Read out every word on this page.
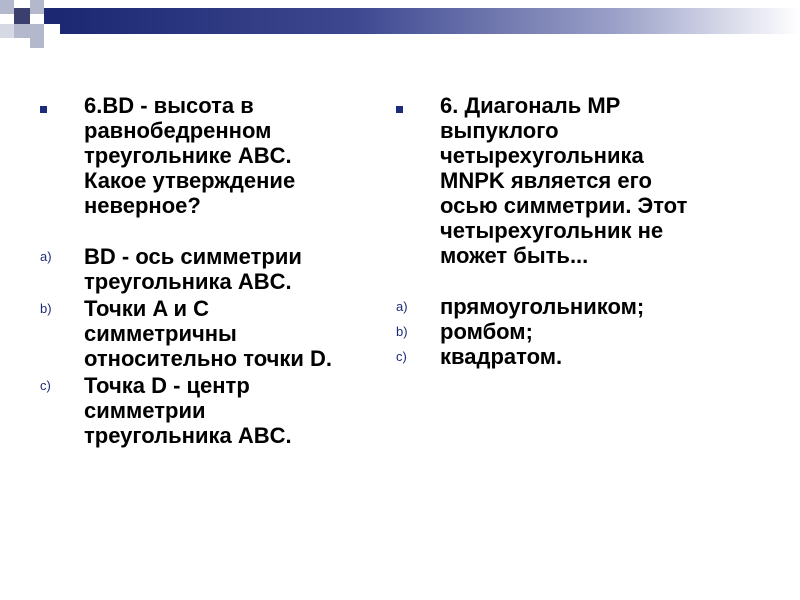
6.BD - высота в
равнобедренном
треугольнике ABC.
Какое утверждение
неверное?
a)	BD - ось симметрии
треугольника ABC.
b)	Точки A и С
симметричны
относительно точки D.
c)	Точка D - центр
симметрии
треугольника ABC.
6. Диагональ MP
выпуклого
четырехугольника
MNPK является его
осью симметрии. Этот
четырехугольник не
может быть...
a)	прямоугольником;
b)	ромбом;
c)	квадратом.
